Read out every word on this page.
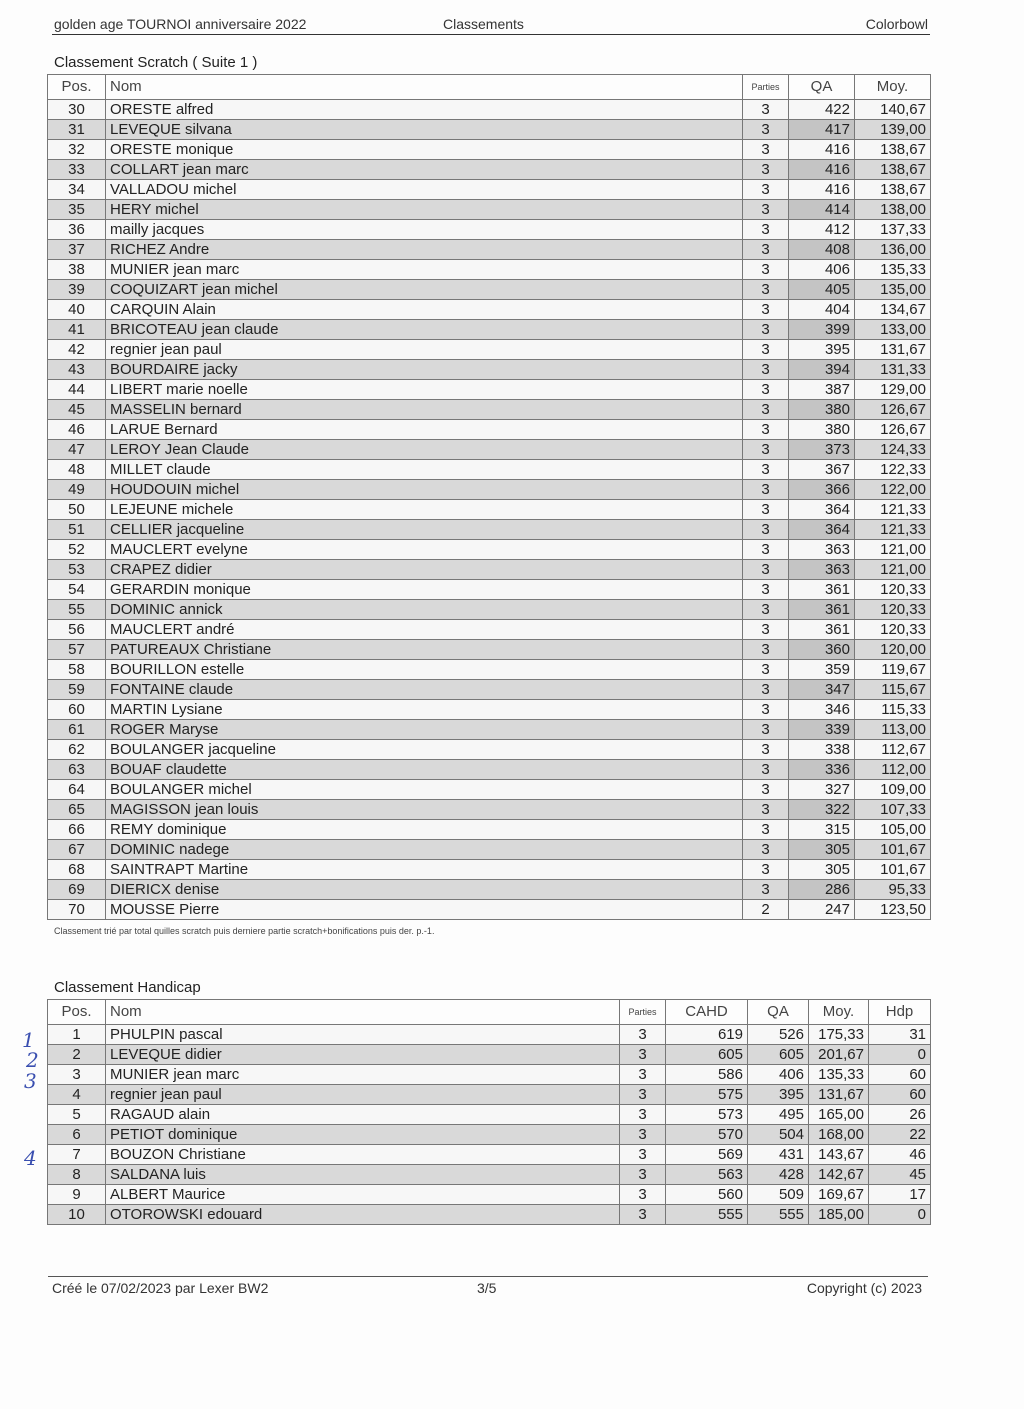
golden age TOURNOI anniversaire 2022	Classements	Colorbowl
Classement Scratch ( Suite 1 )
Pos.	Nom	Parties	QA	Moy.
30	ORESTE alfred	3	422	140,67
31	LEVEQUE silvana	3	417	139,00
32	ORESTE monique	3	416	138,67
33	COLLART jean marc	3	416	138,67
34	VALLADOU michel	3	416	138,67
35	HERY michel	3	414	138,00
36	mailly jacques	3	412	137,33
37	RICHEZ Andre	3	408	136,00
38	MUNIER jean marc	3	406	135,33
39	COQUIZART jean michel	3	405	135,00
40	CARQUIN Alain	3	404	134,67
41	BRICOTEAU jean claude	3	399	133,00
42	regnier jean paul	3	395	131,67
43	BOURDAIRE jacky	3	394	131,33
44	LIBERT marie noelle	3	387	129,00
45	MASSELIN bernard	3	380	126,67
46	LARUE Bernard	3	380	126,67
47	LEROY Jean Claude	3	373	124,33
48	MILLET claude	3	367	122,33
49	HOUDOUIN michel	3	366	122,00
50	LEJEUNE michele	3	364	121,33
51	CELLIER jacqueline	3	364	121,33
52	MAUCLERT evelyne	3	363	121,00
53	CRAPEZ didier	3	363	121,00
54	GERARDIN monique	3	361	120,33
55	DOMINIC annick	3	361	120,33
56	MAUCLERT andré	3	361	120,33
57	PATUREAUX Christiane	3	360	120,00
58	BOURILLON estelle	3	359	119,67
59	FONTAINE claude	3	347	115,67
60	MARTIN Lysiane	3	346	115,33
61	ROGER Maryse	3	339	113,00
62	BOULANGER jacqueline	3	338	112,67
63	BOUAF claudette	3	336	112,00
64	BOULANGER michel	3	327	109,00
65	MAGISSON jean louis	3	322	107,33
66	REMY dominique	3	315	105,00
67	DOMINIC nadege	3	305	101,67
68	SAINTRAPT Martine	3	305	101,67
69	DIERICX denise	3	286	95,33
70	MOUSSE Pierre	2	247	123,50
Classement trié par total quilles scratch puis derniere partie scratch+bonifications puis der. p.-1.
Classement Handicap
Pos.	Nom	Parties	CAHD	QA	Moy.	Hdp
1	PHULPIN pascal	3	619	526	175,33	31
2	LEVEQUE didier	3	605	605	201,67	0
3	MUNIER jean marc	3	586	406	135,33	60
4	regnier jean paul	3	575	395	131,67	60
5	RAGAUD alain	3	573	495	165,00	26
6	PETIOT dominique	3	570	504	168,00	22
7	BOUZON Christiane	3	569	431	143,67	46
8	SALDANA luis	3	563	428	142,67	45
9	ALBERT Maurice	3	560	509	169,67	17
10	OTOROWSKI edouard	3	555	555	185,00	0
1
2
3
4
Créé le 07/02/2023 par Lexer BW2	3/5	Copyright (c) 2023
